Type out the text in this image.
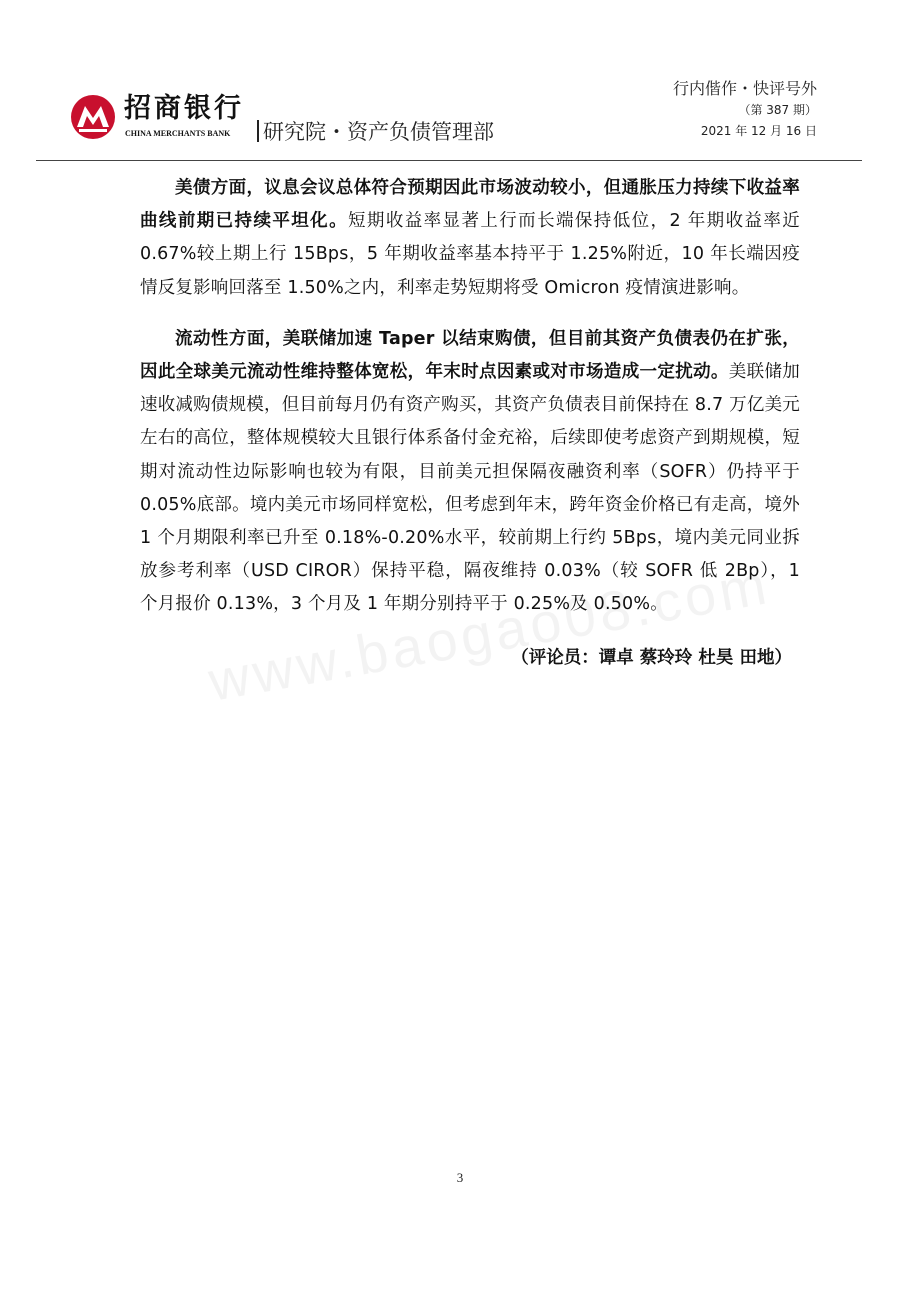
招商银行
CHINA MERCHANTS BANK 研究院・资产负债管理部
行内偕作・快评号外
（第 387 期）
2021 年 12 月 16 日

美债方面，议息会议总体符合预期因此市场波动较小，但通胀压力持续下收益率曲线前期已持续平坦化。短期收益率显著上行而长端保持低位，2 年期收益率近 0.67%较上期上行 15Bps，5 年期收益率基本持平于 1.25%附近，10 年长端因疫情反复影响回落至 1.50%之内，利率走势短期将受 Omicron 疫情演进影响。

流动性方面，美联储加速 Taper 以结束购债，但目前其资产负债表仍在扩张，因此全球美元流动性维持整体宽松，年末时点因素或对市场造成一定扰动。美联储加速收减购债规模，但目前每月仍有资产购买，其资产负债表目前保持在 8.7 万亿美元左右的高位，整体规模较大且银行体系备付金充裕，后续即使考虑资产到期规模，短期对流动性边际影响也较为有限，目前美元担保隔夜融资利率（SOFR）仍持平于 0.05%底部。境内美元市场同样宽松，但考虑到年末，跨年资金价格已有走高，境外 1 个月期限利率已升至 0.18%-0.20%水平，较前期上行约 5Bps，境内美元同业拆放参考利率（USD CIROR）保持平稳，隔夜维持 0.03%（较 SOFR 低 2Bp），1 个月报价 0.13%，3 个月及 1 年期分别持平于 0.25%及 0.50%。

（评论员：谭卓 蔡玲玲 杜昊 田地）
3
